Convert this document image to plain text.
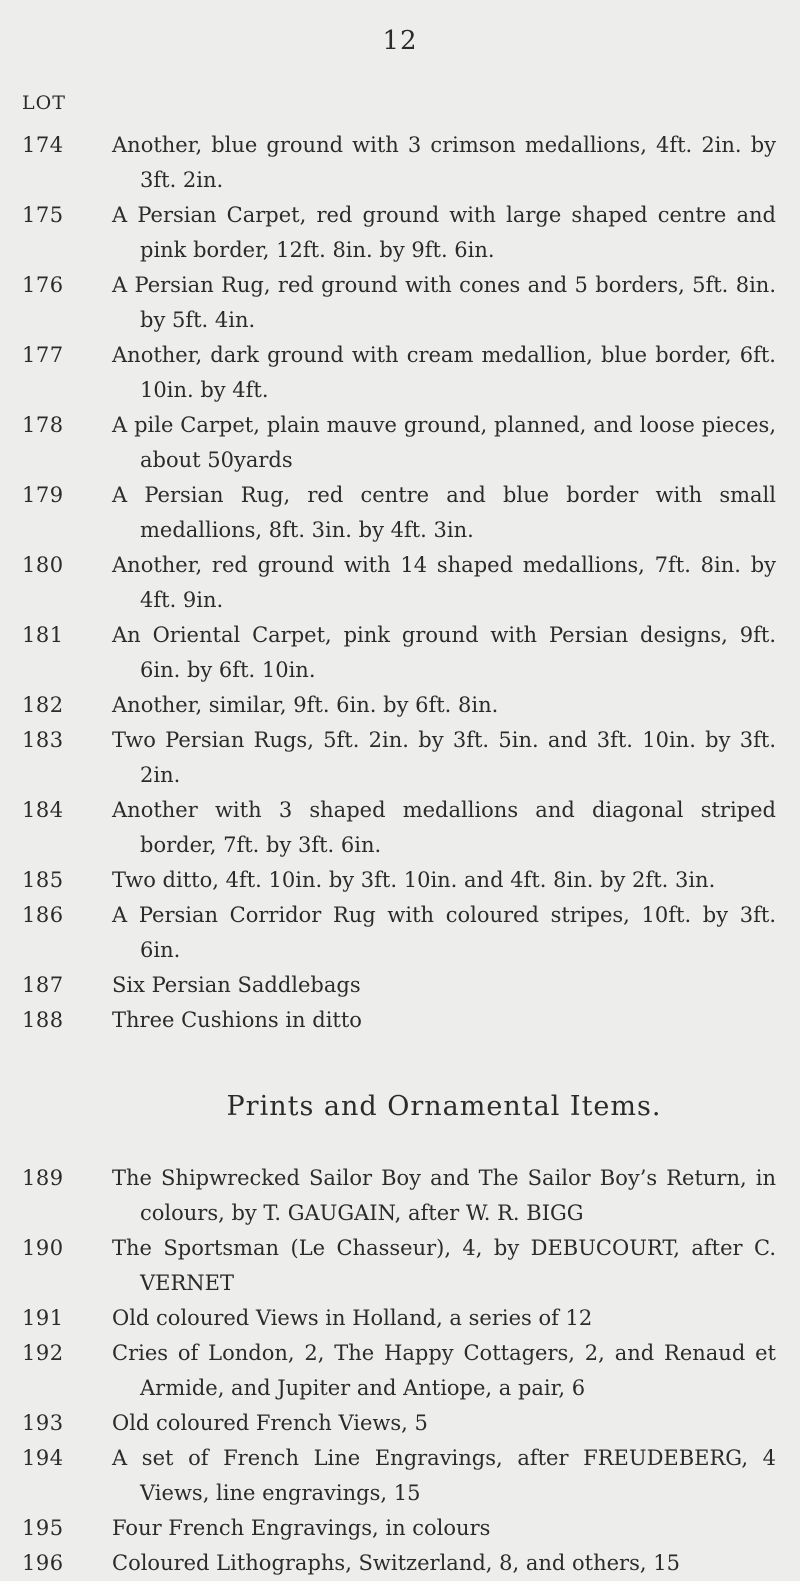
12
LOT
174 Another, blue ground with 3 crimson medallions, 4ft. 2in. by 3ft. 2in.
175 A Persian Carpet, red ground with large shaped centre and pink border, 12ft. 8in. by 9ft. 6in.
176 A Persian Rug, red ground with cones and 5 borders, 5ft. 8in. by 5ft. 4in.
177 Another, dark ground with cream medallion, blue border, 6ft. 10in. by 4ft.
178 A pile Carpet, plain mauve ground, planned, and loose pieces, about 50yards
179 A Persian Rug, red centre and blue border with small medallions, 8ft. 3in. by 4ft. 3in.
180 Another, red ground with 14 shaped medallions, 7ft. 8in. by 4ft. 9in.
181 An Oriental Carpet, pink ground with Persian designs, 9ft. 6in. by 6ft. 10in.
182 Another, similar, 9ft. 6in. by 6ft. 8in.
183 Two Persian Rugs, 5ft. 2in. by 3ft. 5in. and 3ft. 10in. by 3ft. 2in.
184 Another with 3 shaped medallions and diagonal striped border, 7ft. by 3ft. 6in.
185 Two ditto, 4ft. 10in. by 3ft. 10in. and 4ft. 8in. by 2ft. 3in.
186 A Persian Corridor Rug with coloured stripes, 10ft. by 3ft. 6in.
187 Six Persian Saddlebags
188 Three Cushions in ditto
Prints and Ornamental Items.
189 The Shipwrecked Sailor Boy and The Sailor Boy’s Return, in colours, by T. GAUGAIN, after W. R. BIGG
190 The Sportsman (Le Chasseur), 4, by DEBUCOURT, after C. VERNET
191 Old coloured Views in Holland, a series of 12
192 Cries of London, 2, The Happy Cottagers, 2, and Renaud et Armide, and Jupiter and Antiope, a pair, 6
193 Old coloured French Views, 5
194 A set of French Line Engravings, after FREUDEBERG, 4 Views, line engravings, 15
195 Four French Engravings, in colours
196 Coloured Lithographs, Switzerland, 8, and others, 15
